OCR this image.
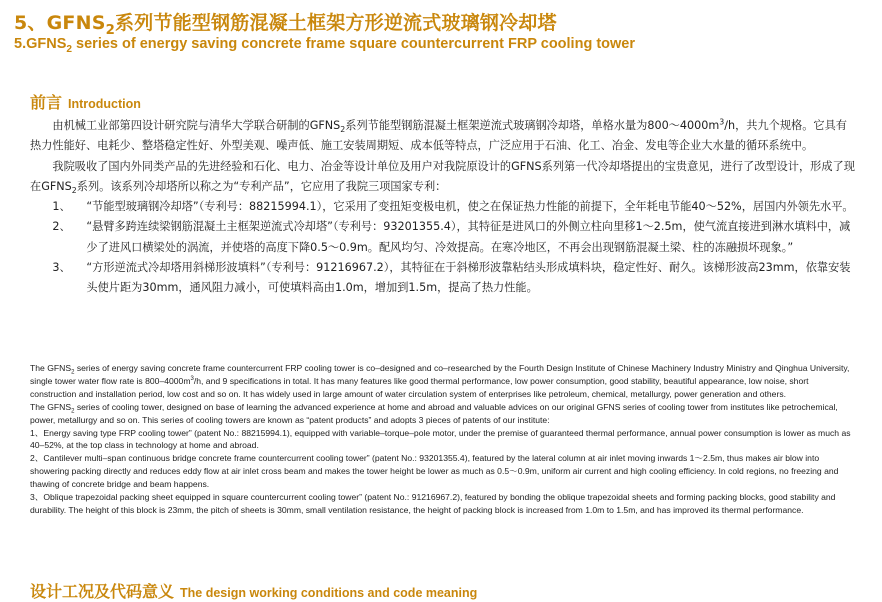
5、$GFNS_2$系列节能型钢筋混凝土框架方形逆流式玻璃钢冷却塔
$5.GFNS_2$ series of energy saving concrete frame square countercurrent FRP cooling tower
前言 Introduction

由机械工业部第四设计研究院与清华大学联合研制的$GFNS_2$系列节能型钢筋混凝土框架逆流式玻璃钢冷却塔，单格水量为$800\sim 4000m^3/h$，共九个规格。它具有热力性能好、电耗少、整塔稳定性好、外型美观、噪声低、施工安装周期短、成本低等特点，广泛应用于石油、化工、冶金、发电等企业大水量的循环系统中。

我院吸收了国内外同类产品的先进经验和石化、电力、冶金等设计单位及用户对我院原设计的GFNS系列第一代冷却塔提出的宝贵意见，进行了改型设计，形成了现在$GFNS_2$系列。该系列冷却塔所以称之为“专利产品”，它应用了我院三项国家专利：

1、	“节能型玻璃钢冷却塔”（专利号：88215994.1），它采用了变扭矩变极电机，使之在保证热力性能的前提下，全年耗电节能40～52%，居国内外领先水平。
2、	“悬臂多跨连续梁钢筋混凝土主框架逆流式冷却塔”（专利号：93201355.4），其特征是进风口的外侧立柱向里移1～2.5m，使气流直接进到淋水填料中，减少了进风口横梁处的涡流，并使塔的高度下降0.5～0.9m。配风均匀、冷效提高。在寒冷地区，不再会出现钢筋混凝土梁、柱的冻融损坏现象。”
3、	“方形逆流式冷却塔用斜梯形波填料”（专利号：91216967.2），其特征在于斜梯形波靠粘结头形成填料块，稳定性好、耐久。该梯形波高23mm，依靠安装头使片距为30mm，通风阻力减小，可使填料高由1.0m，增加到1.5m，提高了热力性能。

The $GFNS_2$ series of energy saving concrete frame countercurrent FRP cooling tower is co–designed and co–researched by the Fourth Design Institute of Chinese Machinery Industry Ministry and Qinghua University, single tower water flow rate is $800-4000m^3/h$, and 9 specifications in total. It has many features like good thermal performance, low power consumption, good stability, beautiful appearance, low noise, short construction and installation period, low cost and so on. It has widely used in large amount of water circulation system of enterprises like petroleum, chemical, metallurgy, power generation and others.

The $GFNS_2$ series of cooling tower, designed on base of learning the advanced experience at home and abroad and valuable advices on our original GFNS series of cooling tower from institutes like petrochemical, power, metallurgy and so on. This series of cooling towers are known as “patent products” and adopts 3 pieces of patents of our institute:

1、Energy saving type FRP cooling tower” (patent No.: 88215994.1), equipped with variable–torque–pole motor, under the premise of guaranteed thermal performance, annual power consumption is lower as much as 40–52%, at the top class in technology at home and abroad.

2、Cantilever multi–span continuous bridge concrete frame countercurrent cooling tower” (patent No.: 93201355.4), featured by the lateral column at air inlet moving inwards 1～2.5m, thus makes air blow into showering packing directly and reduces eddy flow at air inlet cross beam and makes the tower height be lower as much as 0.5～0.9m, uniform air current and high cooling efficiency. In cold regions, no freezing and thawing of concrete bridge and beam happens.

3、Oblique trapezoidal packing sheet equipped in square countercurrent cooling tower” (patent No.: 91216967.2), featured by bonding the oblique trapezoidal sheets and forming packing blocks, good stability and durability. The height of this block is 23mm, the pitch of sheets is 30mm, small ventilation resistance, the height of packing block is increased from 1.0m to 1.5m, and has improved its thermal performance.

设计工况及代码意义 The design working conditions and code meaning
